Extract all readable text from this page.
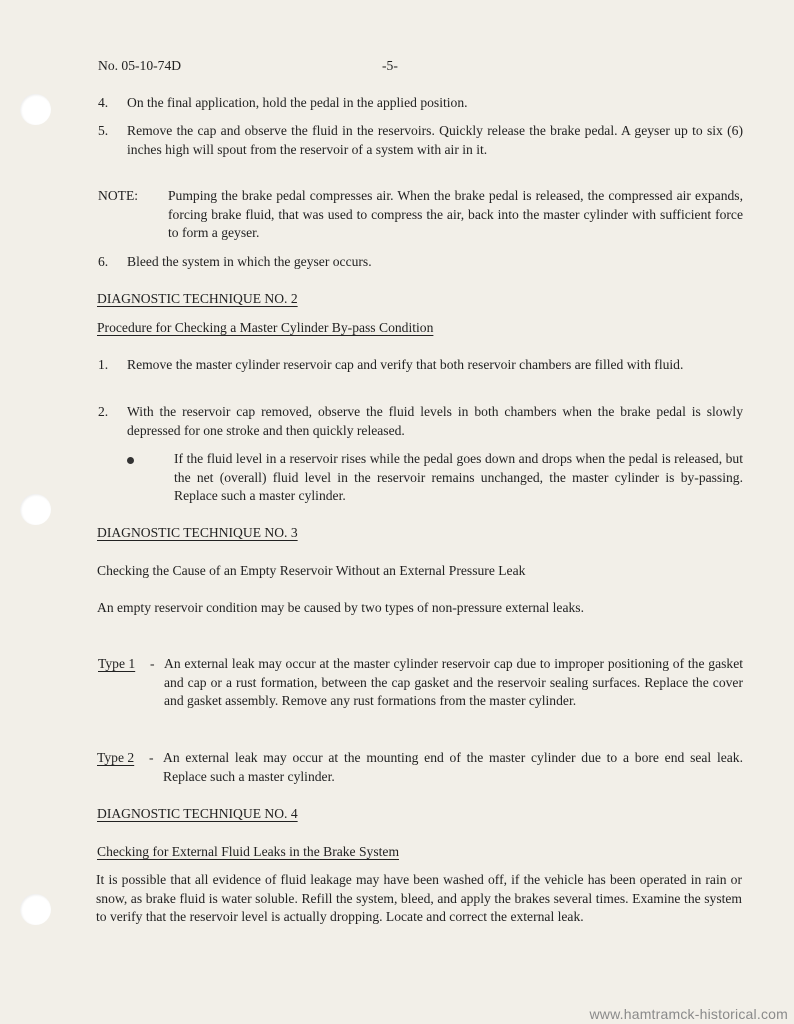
No. 05-10-74D	-5-
4. On the final application, hold the pedal in the applied position.
5. Remove the cap and observe the fluid in the reservoirs. Quickly release the brake pedal. A geyser up to six (6) inches high will spout from the reservoir of a system with air in it.
NOTE: Pumping the brake pedal compresses air. When the brake pedal is released, the compressed air expands, forcing brake fluid, that was used to compress the air, back into the master cylinder with sufficient force to form a geyser.
6. Bleed the system in which the geyser occurs.
DIAGNOSTIC TECHNIQUE NO. 2
Procedure for Checking a Master Cylinder By-pass Condition
1. Remove the master cylinder reservoir cap and verify that both reservoir chambers are filled with fluid.
2. With the reservoir cap removed, observe the fluid levels in both chambers when the brake pedal is slowly depressed for one stroke and then quickly released.
If the fluid level in a reservoir rises while the pedal goes down and drops when the pedal is released, but the net (overall) fluid level in the reservoir remains unchanged, the master cylinder is by-passing. Replace such a master cylinder.
DIAGNOSTIC TECHNIQUE NO. 3
Checking the Cause of an Empty Reservoir Without an External Pressure Leak
An empty reservoir condition may be caused by two types of non-pressure external leaks.
Type 1 - An external leak may occur at the master cylinder reservoir cap due to improper positioning of the gasket and cap or a rust formation, between the cap gasket and the reservoir sealing surfaces. Replace the cover and gasket assembly. Remove any rust formations from the master cylinder.
Type 2 - An external leak may occur at the mounting end of the master cylinder due to a bore end seal leak. Replace such a master cylinder.
DIAGNOSTIC TECHNIQUE NO. 4
Checking for External Fluid Leaks in the Brake System
It is possible that all evidence of fluid leakage may have been washed off, if the vehicle has been operated in rain or snow, as brake fluid is water soluble. Refill the system, bleed, and apply the brakes several times. Examine the system to verify that the reservoir level is actually dropping. Locate and correct the external leak.
www.hamtramck-historical.com
